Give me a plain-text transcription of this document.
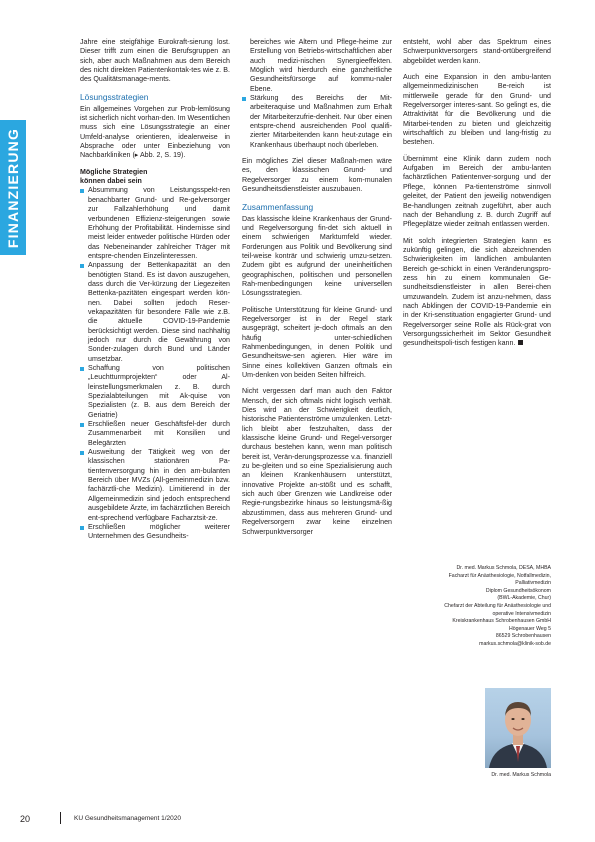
FINANZIERUNG

Jahre eine steigfähige Eurokraft-sierung lost. Dieser trifft zum einen die Berufsgruppen an sich, aber auch Maßnahmen aus dem Bereich des nicht direkten Patientenkontak-tes wie z. B. des Qualitätsmanage-ments.

Lösungsstrategien

Ein allgemeines Vorgehen zur Prob-lemlösung ist sicherlich nicht vorhan-den. Im Wesentlichen muss sich eine Lösungsstrategie an einer Umfeld-analyse orientieren, idealerweise in Absprache oder unter Einbeziehung von Nachbarkliniken (▸ Abb. 2, S. 19).

Mögliche Strategien
können dabei sein
Absummung von Leistungsspekt-ren benachbarter Grund- und Re-gelversorger zur Fallzahlerhöhung und damit verbundenen Effizienz-steigerungen sowie Erhöhung der Profitabilität. Hindernisse sind meist leider entweder politische Hürden oder das Nebeneinander zahlreicher Träger mit entspre-chenden Einzelinteressen.
Anpassung der Bettenkapazität an den benötigten Stand. Es ist davon auszugehen, dass durch die Ver-kürzung der Liegezeiten Bettenka-pazitäten eingespart werden kön-nen. Dabei sollten jedoch Reser-vekapazitäten für besondere Fälle wie z.B. die aktuelle COVID-19-Pandemie berücksichtigt werden. Diese sind nachhaltig jedoch nur durch die Gewährung von Sonder-zulagen durch Bund und Länder umsetzbar.
Schaffung von politischen „Leuchtturmprojekten“ oder Al-leinstellungsmerkmalen z. B. durch Spezialabteilungen mit Ak-quise von Spezialisten (z. B. aus dem Bereich der Geriatrie)
Erschließen neuer Geschäftsfel-der durch Zusammenarbeit mit Konsilien und Belegärzten
Ausweitung der Tätigkeit weg von der klassischen stationären Pa-tientenversorgung hin in den am-bulanten Bereich über MVZs (All-gemeinmedizin bzw. fachärztli-che Medizin). Limitierend in der Allgemeinmedizin sind jedoch entsprechend ausgebildete Ärzte, im fachärztlichen Bereich ent-sprechend verfügbare Facharztsit-ze.
Erschließen möglicher weiterer Unternehmen des Gesundheits-

bereiches wie Altern und Pflege-heime zur Erstellung von Betriebs-wirtschaftlichen aber auch medizi-nischen Synergieeffekten. Möglich wird hierdurch eine ganzheitliche Gesundheitsfürsorge auf kommu-naler Ebene.

Stärkung des Bereichs der Mit-arbeiteraquise und Maßnahmen zum Erhalt der Mitarbeiterzufrie-denheit. Nur über einen entspre-chend ausreichenden Pool qualifi-zierter Mitarbeitenden kann heut-zutage ein Krankenhaus überhaupt noch überleben.

Ein mögliches Ziel dieser Maßnah-men wäre es, den klassischen Grund- und Regelversorger zu einem kom-munalen Gesundheitsdienstleister auszubauen.

Zusammenfassung

Das klassische kleine Krankenhaus der Grund- und Regelversorgung fin-det sich aktuell in einem schwierigen Marktumfeld wieder. Forderungen aus Politik und Bevölkerung sind teil-weise konträr und schwierig umzu-setzen. Zudem gibt es aufgrund der uneinheitlichen geographischen, politischen und personellen Rah-menbedingungen keine universellen Lösungsstrategien.

Politische Unterstützung für kleine Grund- und Regelversorger ist in der Regel stark ausgeprägt, scheitert je-doch oftmals an den häufig unter-schiedlichen Rahmenbedingungen, in denen Politik und Gesundheitswe-sen agieren. Hier wäre im Sinne eines kollektiven Ganzen oftmals ein Um-denken von beiden Seiten hilfreich.

Nicht vergessen darf man auch den Faktor Mensch, der sich oftmals nicht logisch verhält. Dies wird an der Schwierigkeit deutlich, historische Patientenströme umzulenken. Letzt-lich bleibt aber festzuhalten, dass der klassische kleine Grund- und Regel-versorger durchaus bestehen kann, wenn man politisch bereit ist, Verän-derungsprozesse v.a. finanziell zu be-gleiten und so eine Spezialisierung auch an kleinen Krankenhäusern unterstützt, innovative Projekte an-stößt und es schafft, sich auch über Grenzen wie Landkreise oder Regie-rungsbezirke hinaus so leistungsmä-ßig abzustimmen, dass aus mehreren Grund- und Regelversorgern zwar keine einzelnen Schwerpunktversorger

entsteht, wohl aber das Spektrum eines Schwerpunktversorgers stand-ortübergreifend abgebildet werden kann.

Auch eine Expansion in den ambu-lanten allgemeinmedizinischen Be-reich ist mittlerweile gerade für den Grund- und Regelversorger interes-sant. So gelingt es, die Attraktivität für die Bevölkerung und die Mitarbei-tenden zu bieten und gleichzeitig wirtschaftlich zu bleiben und lang-fristig zu bestehen.

Übernimmt eine Klinik dann zudem noch Aufgaben im Bereich der ambu-lanten fachärztlichen Patientenver-sorgung und der Pflege, können Pa-tientenströme sinnvoll geleitet, der Patient den jeweilig notwendigen Be-handlungen zeitnah zugeführt, aber auch nach der Behandlung z. B. durch Zugriff auf Pflegeplätze wieder zeitnah entlassen werden.

Mit solch integrierten Strategien kann es zukünftig gelingen, die sich abzeichnenden Schwierigkeiten im ländlichen ambulanten Bereich ge-schickt in einen Veränderungspro-zess hin zu einem kommunalen Ge-sundheitsdienstleister in allen Berei-chen umzuwandeln. Zudem ist anzu-nehmen, dass nach Abklingen der COVID-19-Pandemie ein in der Kri-senstituation engagierter Grund- und Regelversorger seine Rolle als Rück-grat von Versorgungssicherheit im Sektor Gesundheit gesundheitspoli-tisch festigen kann.

Dr. med. Markus Schmola, DESA, MHBA
Facharzt für Anästhesiologie, Notfallmedizin,
Palliativmedizin
Diplom Gesundheitsökonom
(BWL-Akademie, Chur)
Chefarzt der Abteilung für Anästhesiologie und
operative Intensivmedizin
Kreiskrankenhaus Schrobenhausen GmbH
Högenauer Weg 5
86529 Schrobenhausen
markus.schmola@klinik-sob.de
Dr. med. Markus Schmola
20	KU Gesundheitsmanagement 1/2020
